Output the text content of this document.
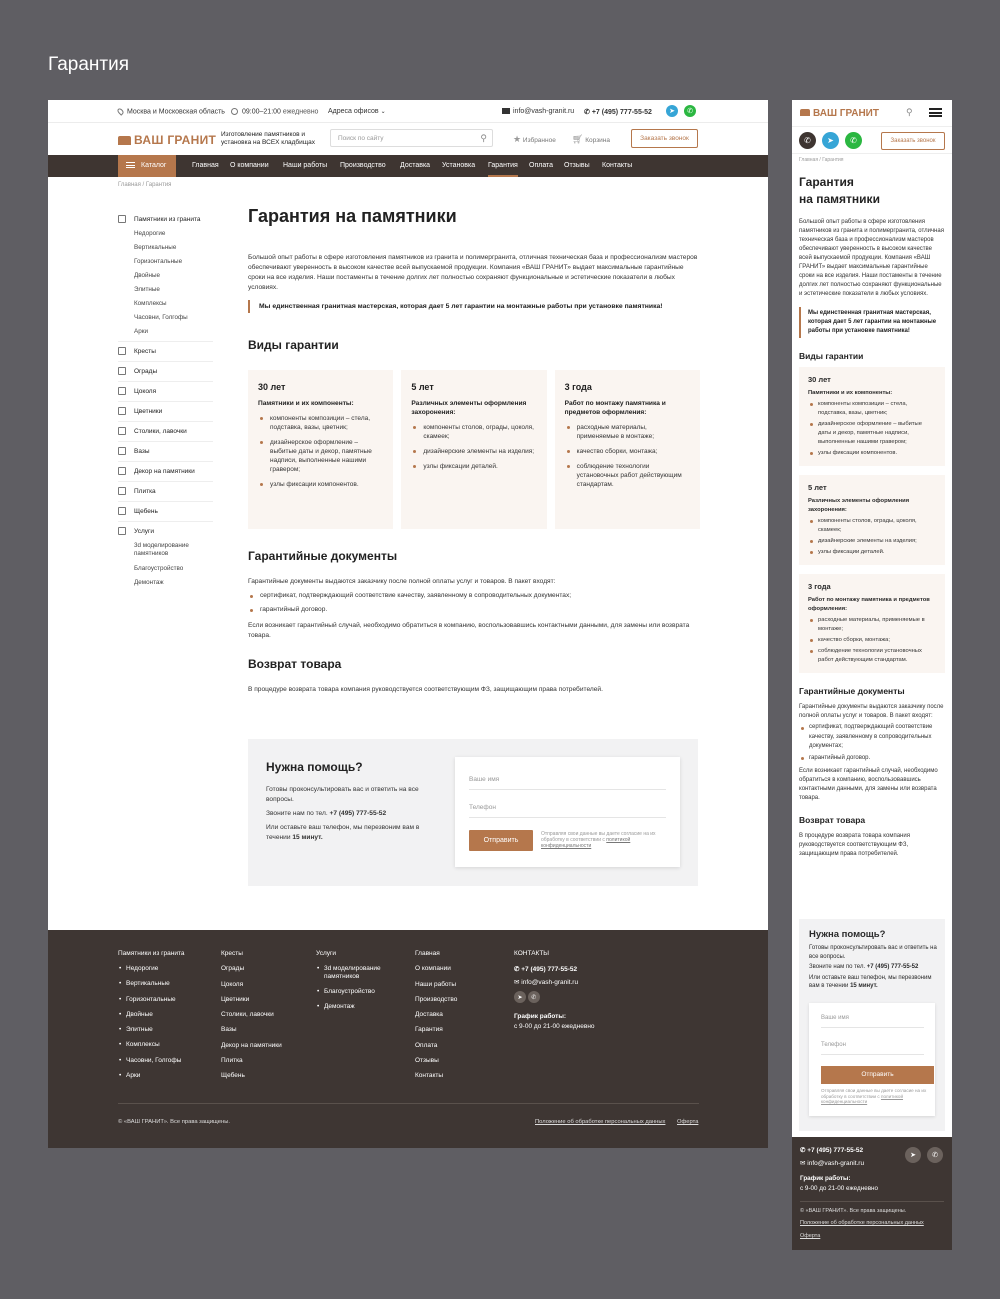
Гарантия
Москва и Московская область	09:00–21:00 ежедневно Адреса офисов ⌄	info@vash-granit.ru ✆ +7 (495) 777-55-52	➤	✆
ВАШ ГРАНИТ Изготовление памятников и установка на ВСЕХ кладбищах
Поиск по сайту	⚲	★ Избранное 🛒︎ Корзина	Заказать звонок
Каталог	Главная О компании Наши работы Производство Доставка Установка Гарантия Оплата Отзывы Контакты
Главная / Гарантия
Памятники из гранита
Недорогие
Вертикальные
Горизонтальные
Двойные
Элитные
Комплексы
Часовни, Голгофы
Арки
Кресты
Ограды
Цоколя
Цветники
Столики, лавочки
Вазы
Декор на памятники
Плитка
Щебень
Услуги
3d моделирование памятников
Благоустройство
Демонтаж
Гарантия на памятники
Большой опыт работы в сфере изготовления памятников из гранита и полимергранита, отличная техническая база и профессионализм мастеров обеспечивают уверенность в высоком качестве всей выпускаемой продукции. Компания «ВАШ ГРАНИТ» выдает максимальные гарантийные сроки на все изделия. Наши постаменты в течение долгих лет полностью сохраняют функциональные и эстетические показатели в любых условиях.
Мы единственная гранитная мастерская, которая дает 5 лет гарантии на монтажные работы при установке памятника!
Виды гарантии
30 лет
Памятники и их компоненты:
компоненты композиции – стела, подставка, вазы, цветник;
дизайнерское оформление – выбитые даты и декор, памятные надписи, выполненные нашими гравером;
узлы фиксации компонентов.
5 лет
Различных элементы оформления захоронения:
компоненты столов, ограды, цоколя, скамеек;
дизайнерские элементы на изделия;
узлы фиксации деталей.
3 года
Работ по монтажу памятника и предметов оформления:
расходные материалы, применяемые в монтаже;
качество сборки, монтажа;
соблюдение технологии установочных работ действующим стандартам.
Гарантийные документы
Гарантийные документы выдаются заказчику после полной оплаты услуг и товаров. В пакет входят:
сертификат, подтверждающий соответствие качеству, заявленному в сопроводительных документах;
гарантийный договор.
Если возникает гарантийный случай, необходимо обратиться в компанию, воспользовавшись контактными данными, для замены или возврата товара.
Возврат товара
В процедуре возврата товара компания руководствуется соответствующим ФЗ, защищающим права потребителей.
Нужна помощь?
Готовы проконсультировать вас и ответить на все вопросы.
Звоните нам по тел. +7 (495) 777-55-52
Или оставьте ваш телефон, мы перезвоним вам в течении 15 минут.
Ваше имя
Телефон
Отправить
Отправляя свои данные вы даете согласие на их обработку в соответствии с политикой конфиденциальности
Памятники из гранита
• Недорогие
• Вертикальные
• Горизонтальные
• Двойные
• Элитные
• Комплексы
• Часовни, Голгофы
• Арки
Кресты
Ограды
Цоколя
Цветники
Столики, лавочки
Вазы
Декор на памятники
Плитка
Щебень
Услуги
• 3d моделирование памятников
• Благоустройство
• Демонтаж
Главная
О компании
Наши работы
Производство
Доставка
Гарантия
Оплата
Отзывы
Контакты
КОНТАКТЫ
✆ +7 (495) 777-55-52
✉ info@vash-granit.ru
➤ ✆
График работы:
с 9-00 до 21-00 ежедневно
© «ВАШ ГРАНИТ». Все права защищены.	Положение об обработке персональных данных Оферта
ВАШ ГРАНИТ	⚲
✆	➤	✆	Заказать звонок
Главная / Гарантия
Гарантия
на памятники
Большой опыт работы в сфере изготовления памятников из гранита и полимергранита, отличная техническая база и профессионализм мастеров обеспечивают уверенность в высоком качестве всей выпускаемой продукции. Компания «ВАШ ГРАНИТ» выдает максимальные гарантийные сроки на все изделия. Наши постаменты в течение долгих лет полностью сохраняют функциональные и эстетические показатели в любых условиях.
Мы единственная гранитная мастерская, которая дает 5 лет гарантии на монтажные работы при установке памятника!
Виды гарантии
30 лет
Памятники и их компоненты:
компоненты композиции – стела, подставка, вазы, цветник;
дизайнерское оформление – выбитые даты и декор, памятные надписи, выполненные нашими гравером;
узлы фиксации компонентов.
5 лет
Различных элементы оформления захоронения:
компоненты столов, ограды, цоколя, скамеек;
дизайнерские элементы на изделия;
узлы фиксации деталей.
3 года
Работ по монтажу памятника и предметов оформления:
расходные материалы, применяемые в монтаже;
качество сборки, монтажа;
соблюдение технологии установочных работ действующим стандартам.
Гарантийные документы
Гарантийные документы выдаются заказчику после полной оплаты услуг и товаров. В пакет входят:
сертификат, подтверждающий соответствие качеству, заявленному в сопроводительных документах;
гарантийный договор.
Если возникает гарантийный случай, необходимо обратиться в компанию, воспользовавшись контактными данными, для замены или возврата товара.
Возврат товара
В процедуре возврата товара компания руководствуется соответствующим ФЗ, защищающим права потребителей.
Нужна помощь?
Готовы проконсультировать вас и ответить на все вопросы.
Звоните нам по тел. +7 (495) 777-55-52
Или оставьте ваш телефон, мы перезвоним вам в течении 15 минут.
Ваше имя
Телефон
Отправить
Отправляя свои данные вы даете согласие на их обработку в соответствии с политикой конфиденциальности
✆ +7 (495) 777-55-52
✉ info@vash-granit.ru
➤	✆
График работы:
с 9-00 до 21-00 ежедневно
© «ВАШ ГРАНИТ». Все права защищены.
Положение об обработке персональных данных
Оферта
